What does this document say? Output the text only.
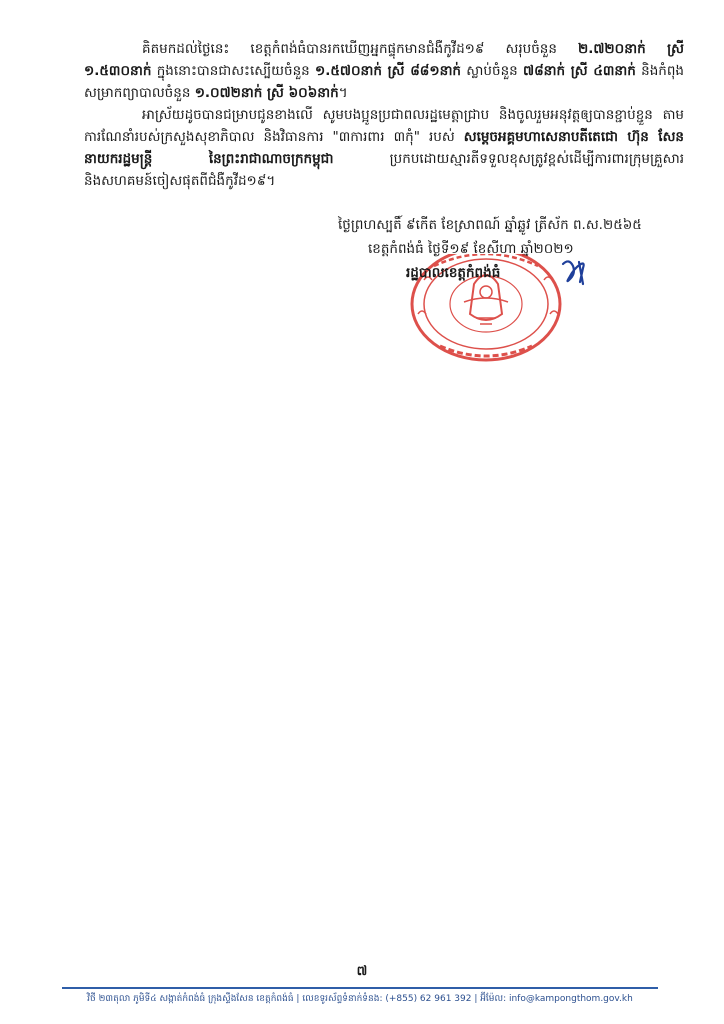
គិតមកដល់ថ្ងៃនេះ ខេត្តកំពង់ធំបានរកឃើញអ្នកផ្ទុកមានជំងឺកូវីដ១៩ សរុបចំនួន ២.៧២០នាក់ ស្រី ១.៥៣០នាក់ ក្នុងនោះបានជាសះស្បើយចំនួន ១.៥៧០នាក់ ស្រី ៨៨១នាក់ ស្លាប់ចំនួន ៧៨នាក់ ស្រី ៤៣នាក់ និងកំពុងសម្រាកព្យាបាលចំនួន ១.០៧២នាក់ ស្រី ៦០៦នាក់។
អាស្រ័យដូចបានជម្រាបជូនខាងលើ សូមបងប្អូនប្រជាពលរដ្ឋមេត្តាជ្រាប និងចូលរួមអនុវត្តឲ្យបានខ្ជាប់ខ្ជួន តាមការណែនាំរបស់ក្រសួងសុខាភិបាល និងវិធានការ "៣ការពារ ៣កុំ" របស់ សម្តេចអគ្គមហាសេនាបតីតេជោ ហ៊ុន សែន នាយករដ្ឋមន្ត្រី នៃព្រះរាជាណាចក្រកម្ពុជា ប្រកបដោយស្មារតីទទួលខុសត្រូវខ្ពស់ដើម្បីការពារក្រុមគ្រួសារ និងសហគមន៍ចៀសផុតពីជំងឺកូវីដ១៩។
ថ្ងៃព្រហស្បតិ៍ ៩កើត ខែស្រាពណ៍ ឆ្នាំឆ្លូវ ត្រីស័ក ព.ស.២៥៦៥
ខេត្តកំពង់ធំ ថ្ងៃទី១៩ ខែសីហា ឆ្នាំ២០២១
រដ្ឋបាលខេត្តកំពង់ធំ
៧
វិថី ២៣តុលា ភូមិទី៤ សង្កាត់កំពង់ធំ ក្រុងស្ទឹងសែន ខេត្តកំពង់ធំ | លេខទូរស័ព្ទទំនាក់ទំនង: (+855) 62 961 392 | អ៊ីម៉ែល: info@kampongthom.gov.kh
